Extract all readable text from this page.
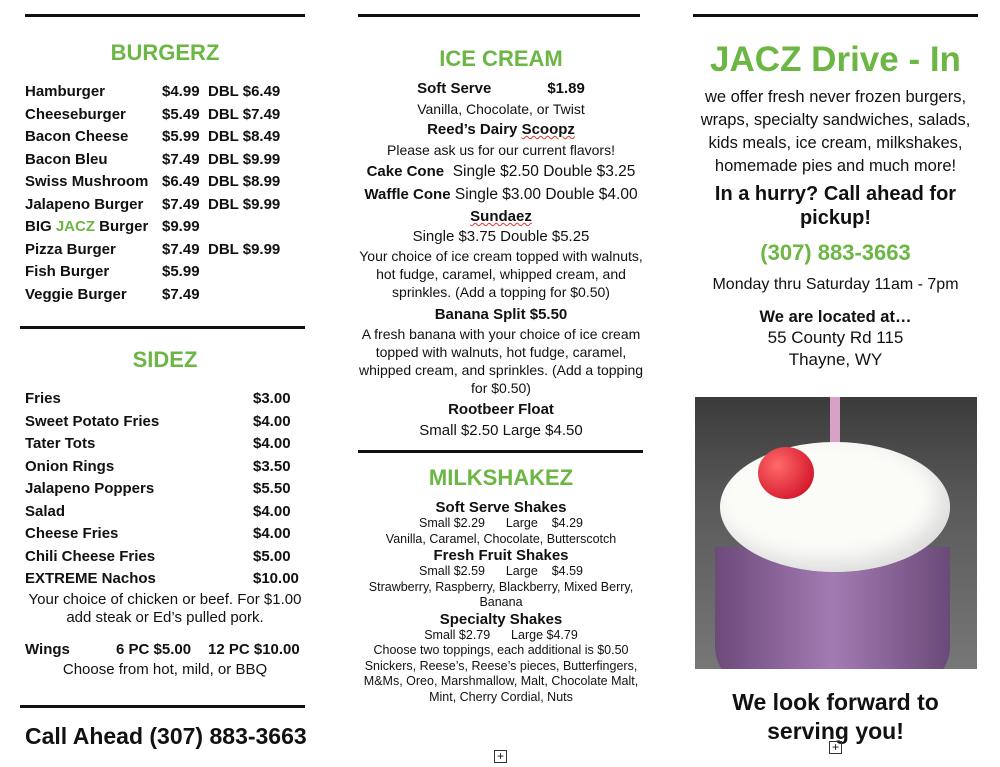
BURGERZ
Hamburger	$4.99 DBL $6.49
Cheeseburger $5.49 DBL $7.49
Bacon Cheese $5.99 DBL $8.49
Bacon Bleu	$7.49 DBL $9.99
Swiss Mushroom $6.49 DBL $8.99
Jalapeno Burger $7.49 DBL $9.99
BIG JACZ Burger $9.99
Pizza Burger	$7.49 DBL $9.99
Fish Burger	$5.99
Veggie Burger $7.49
SIDEZ
Fries	$3.00
Sweet Potato Fries	$4.00
Tater Tots	$4.00
Onion Rings	$3.50
Jalapeno Poppers	$5.50
Salad	$4.00
Cheese Fries	$4.00
Chili Cheese Fries	$5.00
EXTREME Nachos	$10.00
Your choice of chicken or beef. For $1.00 add steak or Ed’s pulled pork.
Wings	6 PC $5.00 12 PC $10.00
Choose from hot, mild, or BBQ
Call Ahead (307) 883-3663
ICE CREAM
Soft Serve	$1.89
Vanilla, Chocolate, or Twist
Reed’s Dairy Scoopz
Please ask us for our current flavors!
Cake Cone Single $2.50 Double $3.25
Waffle Cone Single $3.00 Double $4.00
Sundaez
Single $3.75 Double $5.25
Your choice of ice cream topped with walnuts, hot fudge, caramel, whipped cream, and sprinkles. (Add a topping for $0.50)
Banana Split $5.50
A fresh banana with your choice of ice cream topped with walnuts, hot fudge, caramel, whipped cream, and sprinkles. (Add a topping for $0.50)
Rootbeer Float
Small $2.50 Large $4.50
MILKSHAKEZ
Soft Serve Shakes
Small $2.29      Large    $4.29
Vanilla, Caramel, Chocolate, Butterscotch
Fresh Fruit Shakes
Small $2.59      Large    $4.59
Strawberry, Raspberry, Blackberry, Mixed Berry, Banana
Specialty Shakes
Small $2.79      Large $4.79
Choose two toppings, each additional is $0.50
Snickers, Reese’s, Reese’s pieces, Butterfingers, M&Ms, Oreo, Marshmallow, Malt, Chocolate Malt, Mint, Cherry Cordial, Nuts
+
JACZ Drive - In
we offer fresh never frozen burgers, wraps, specialty sandwiches, salads, kids meals, ice cream, milkshakes, homemade pies and much more!
In a hurry? Call ahead for pickup!
(307) 883-3663
Monday thru Saturday 11am - 7pm
We are located at…
55 County Rd 115
Thayne, WY
We look forward to serving you!
+
